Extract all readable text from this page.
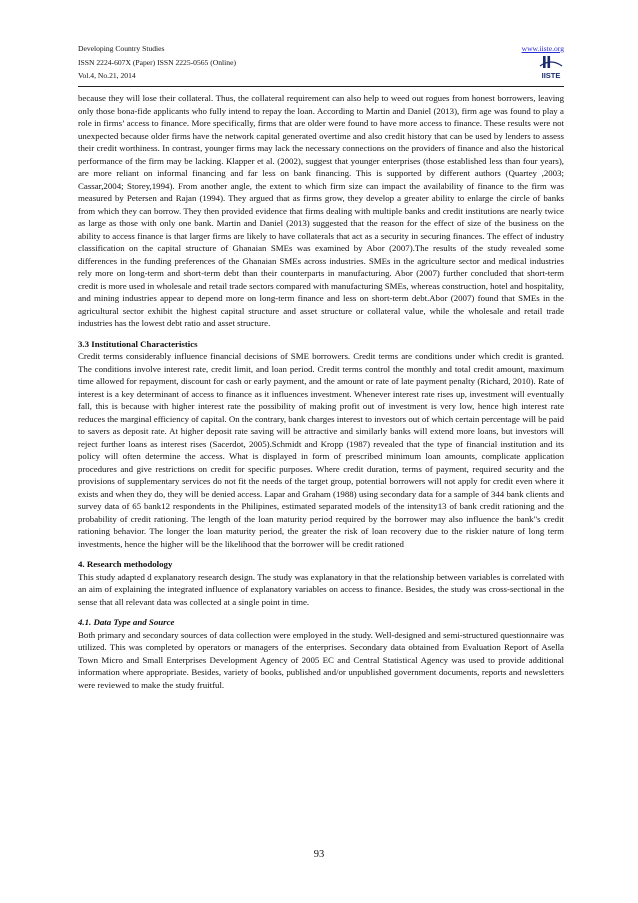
Developing Country Studies
ISSN 2224-607X (Paper) ISSN 2225-0565 (Online)
Vol.4, No.21, 2014
www.iiste.org
IISTE

because they will lose their collateral. Thus, the collateral requirement can also help to weed out rogues from honest borrowers, leaving only those bona-fide applicants who fully intend to repay the loan. According to Martin and Daniel (2013), firm age was found to play a role in firms’ access to finance. More specifically, firms that are older were found to have more access to finance. These results were not unexpected because older firms have the network capital generated overtime and also credit history that can be used by lenders to assess their credit worthiness. In contrast, younger firms may lack the necessary connections on the providers of finance and also the historical performance of the firm may be lacking. Klapper et al. (2002), suggest that younger enterprises (those established less than four years), are more reliant on informal financing and far less on bank financing. This is supported by different authors (Quartey ,2003; Cassar,2004; Storey,1994). From another angle, the extent to which firm size can impact the availability of finance to the firm was measured by Petersen and Rajan (1994). They argued that as firms grow, they develop a greater ability to enlarge the circle of banks from which they can borrow. They then provided evidence that firms dealing with multiple banks and credit institutions are nearly twice as large as those with only one bank. Martin and Daniel (2013) suggested that the reason for the effect of size of the business on the ability to access finance is that larger firms are likely to have collaterals that act as a security in securing finances. The effect of industry classification on the capital structure of Ghanaian SMEs was examined by Abor (2007).The results of the study revealed some differences in the funding preferences of the Ghanaian SMEs across industries. SMEs in the agriculture sector and medical industries rely more on long-term and short-term debt than their counterparts in manufacturing. Abor (2007) further concluded that short-term credit is more used in wholesale and retail trade sectors compared with manufacturing SMEs, whereas construction, hotel and hospitality, and mining industries appear to depend more on long-term finance and less on short-term debt.Abor (2007) found that SMEs in the agricultural sector exhibit the highest capital structure and asset structure or collateral value, while the wholesale and retail trade industries has the lowest debt ratio and asset structure.

3.3 Institutional Characteristics

Credit terms considerably influence financial decisions of SME borrowers. Credit terms are conditions under which credit is granted. The conditions involve interest rate, credit limit, and loan period. Credit terms control the monthly and total credit amount, maximum time allowed for repayment, discount for cash or early payment, and the amount or rate of late payment penalty (Richard, 2010). Rate of interest is a key determinant of access to finance as it influences investment. Whenever interest rate rises up, investment will eventually fall, this is because with higher interest rate the possibility of making profit out of investment is very low, hence high interest rate reduces the marginal efficiency of capital. On the contrary, bank charges interest to investors out of which certain percentage will be paid to savers as deposit rate. At higher deposit rate saving will be attractive and similarly banks will extend more loans, but investors will reject further loans as interest rises (Sacerdot, 2005).Schmidt and Kropp (1987) revealed that the type of financial institution and its policy will often determine the access. What is displayed in form of prescribed minimum loan amounts, complicate application procedures and give restrictions on credit for specific purposes. Where credit duration, terms of payment, required security and the provisions of supplementary services do not fit the needs of the target group, potential borrowers will not apply for credit even where it exists and when they do, they will be denied access. Lapar and Graham (1988) using secondary data for a sample of 344 bank clients and survey data of 65 bank12 respondents in the Philipines, estimated separated models of the intensity13 of bank credit rationing and the probability of credit rationing. The length of the loan maturity period required by the borrower may also influence the bank"s credit rationing behavior. The longer the loan maturity period, the greater the risk of loan recovery due to the riskier nature of long term investments, hence the higher will be the likelihood that the borrower will be credit rationed

4. Research methodology

This study adapted d explanatory research design. The study was explanatory in that the relationship between variables is correlated with an aim of explaining the integrated influence of explanatory variables on access to finance. Besides, the study was cross-sectional in the sense that all relevant data was collected at a single point in time.

4.1. Data Type and Source

Both primary and secondary sources of data collection were employed in the study. Well-designed and semi-structured questionnaire was utilized. This was completed by operators or managers of the enterprises. Secondary data obtained from Evaluation Report of Asella Town Micro and Small Enterprises Development Agency of 2005 EC and Central Statistical Agency was used to provide additional information where appropriate. Besides, variety of books, published and/or unpublished government documents, reports and newsletters were reviewed to make the study fruitful.

93
